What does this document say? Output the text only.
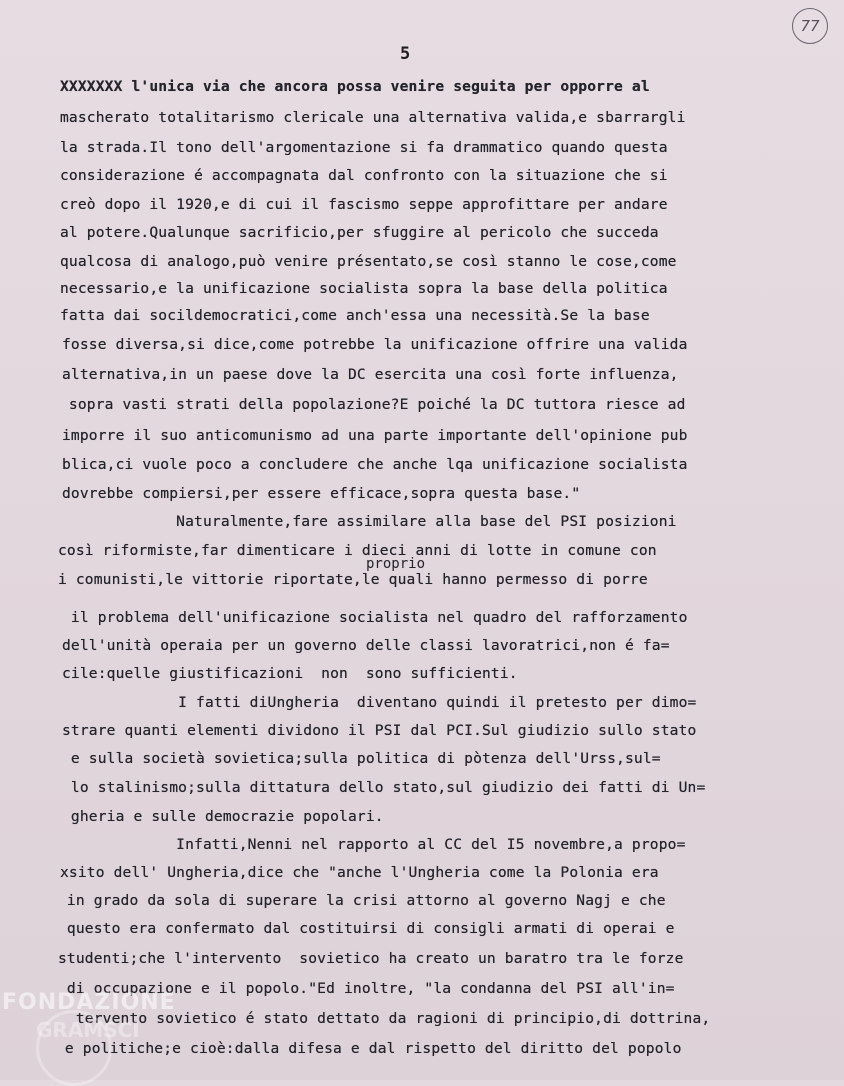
5
77
XXXXXXX l'unica via che ancora possa venire seguita per opporre al
mascherato totalitarismo clericale una alternativa valida,e sbarrargli
la strada.Il tono dell'argomentazione si fa drammatico quando questa
considerazione é accompagnata dal confronto con la situazione che si
creò dopo il 1920,e di cui il fascismo seppe approfittare per andare
al potere.Qualunque sacrificio,per sfuggire al pericolo che succeda
qualcosa di analogo,può venire présentato,se così stanno le cose,come
necessario,e la unificazione socialista sopra la base della politica
fatta dai socildemocratici,come anch'essa una necessità.Se la base
fosse diversa,si dice,come potrebbe la unificazione offrire una valida
alternativa,in un paese dove la DC esercita una così forte influenza,
sopra vasti strati della popolazione?E poiché la DC tuttora riesce ad
imporre il suo anticomunismo ad una parte importante dell'opinione pub
blica,ci vuole poco a concludere che anche lqa unificazione socialista
dovrebbe compiersi,per essere efficace,sopra questa base."
Naturalmente,fare assimilare alla base del PSI posizioni
così riformiste,far dimenticare i dieci anni di lotte in comune con
proprio
i comunisti,le vittorie riportate,le quali hanno permesso di porre
il problema dell'unificazione socialista nel quadro del rafforzamento
dell'unità operaia per un governo delle classi lavoratrici,non é fa=
cile:quelle giustificazioni  non  sono sufficienti.
I fatti diUngheria  diventano quindi il pretesto per dimo=
strare quanti elementi dividono il PSI dal PCI.Sul giudizio sullo stato
e sulla società sovietica;sulla politica di pòtenza dell'Urss,sul=
lo stalinismo;sulla dittatura dello stato,sul giudizio dei fatti di Un=
gheria e sulle democrazie popolari.
Infatti,Nenni nel rapporto al CC del I5 novembre,a propo=
xsito dell' Ungheria,dice che "anche l'Ungheria come la Polonia era
in grado da sola di superare la crisi attorno al governo Nagj e che
questo era confermato dal costituirsi di consigli armati di operai e
studenti;che l'intervento  sovietico ha creato un baratro tra le forze
di occupazione e il popolo."Ed inoltre, "la condanna del PSI all'in=
tervento sovietico é stato dettato da ragioni di principio,di dottrina,
e politiche;e cioè:dalla difesa e dal rispetto del diritto del popolo
FONDAZIONE
GRAMSCI
